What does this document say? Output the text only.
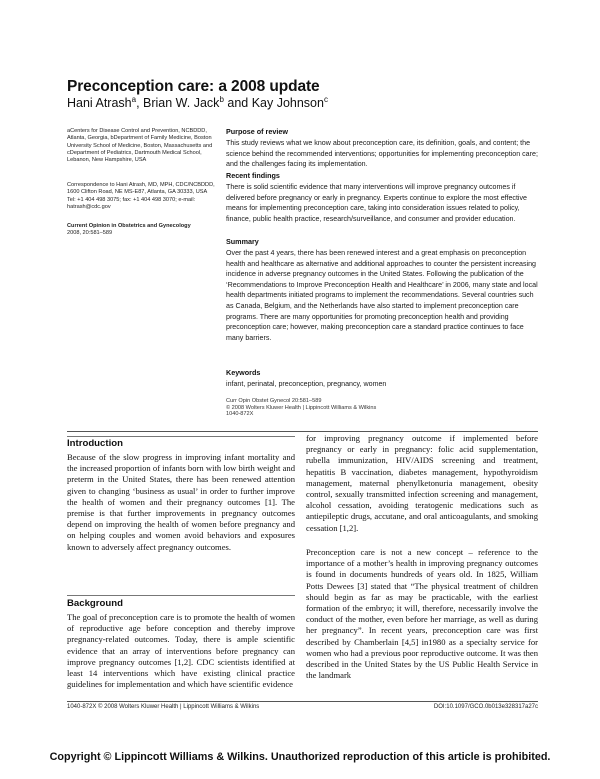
Preconception care: a 2008 update
Hani Atrash$^a$, Brian W. Jack$^b$ and Kay Johnson$^c$
aCenters for Disease Control and Prevention, NCBDDD, Atlanta, Georgia, bDepartment of Family Medicine, Boston University School of Medicine, Boston, Massachusetts and cDepartment of Pediatrics, Dartmouth Medical School, Lebanon, New Hampshire, USA
Correspondence to Hani Atrash, MD, MPH, CDC/NCBDDD, 1600 Clifton Road, NE MS-E87, Atlanta, GA 30333, USA Tel: +1 404 498 3075; fax: +1 404 498 3070; e-mail: hatrash@cdc.gov
Current Opinion in Obstetrics and Gynecology
2008, 20:581–589
Purpose of review
This study reviews what we know about preconception care, its definition, goals, and content; the science behind the recommended interventions; opportunities for implementing preconception care; and the challenges facing its implementation.
Recent findings
There is solid scientific evidence that many interventions will improve pregnancy outcomes if delivered before pregnancy or early in pregnancy. Experts continue to explore the most effective means for implementing preconception care, taking into consideration issues related to policy, finance, public health practice, research/surveillance, and consumer and provider education.
Summary
Over the past 4 years, there has been renewed interest and a great emphasis on preconception health and healthcare as alternative and additional approaches to counter the persistent increasing incidence in adverse pregnancy outcomes in the United States. Following the publication of the ‘Recommendations to Improve Preconception Health and Healthcare’ in 2006, many state and local health departments initiated programs to implement the recommendations. Several countries such as Canada, Belgium, and the Netherlands have also started to implement preconception care programs. There are many opportunities for promoting preconception health and providing preconception care; however, making preconception care a standard practice continues to face many barriers.
Keywords
infant, perinatal, preconception, pregnancy, women
Curr Opin Obstet Gynecol 20:581–589
© 2008 Wolters Kluwer Health | Lippincott Williams & Wilkins
1040-872X
Introduction
Because of the slow progress in improving infant mortality and the increased proportion of infants born with low birth weight and preterm in the United States, there has been renewed attention given to changing ‘business as usual’ in order to further improve the health of women and their pregnancy outcomes [1]. The premise is that further improvements in pregnancy outcomes depend on improving the health of women before pregnancy and on helping couples and women avoid behaviors and exposures known to adversely affect pregnancy outcomes.
Background
The goal of preconception care is to promote the health of women of reproductive age before conception and thereby improve pregnancy-related outcomes. Today, there is ample scientific evidence that an array of interventions before pregnancy can improve pregnancy outcomes [1,2]. CDC scientists identified at least 14 interventions which have existing clinical practice guidelines for implementation and which have scientific evidence
for improving pregnancy outcome if implemented before pregnancy or early in pregnancy: folic acid supplementation, rubella immunization, HIV/AIDS screening and treatment, hepatitis B vaccination, diabetes management, hypothyroidism management, maternal phenylketonuria management, obesity control, sexually transmitted infection screening and management, alcohol cessation, avoiding teratogenic medications such as antiepileptic drugs, accutane, and oral anticoagulants, and smoking cessation [1,2].
Preconception care is not a new concept – reference to the importance of a mother’s health in improving pregnancy outcomes is found in documents hundreds of years old. In 1825, William Potts Dewees [3] stated that “The physical treatment of children should begin as far as may be practicable, with the earliest formation of the embryo; it will, therefore, necessarily involve the conduct of the mother, even before her marriage, as well as during her pregnancy”. In recent years, preconception care was first described by Chamberlain [4,5] in1980 as a specialty service for women who had a previous poor reproductive outcome. It was then described in the United States by the US Public Health Service in the landmark
1040-872X © 2008 Wolters Kluwer Health | Lippincott Williams & Wilkins	DOI:10.1097/GCO.0b013e328317a27c
Copyright © Lippincott Williams & Wilkins. Unauthorized reproduction of this article is prohibited.
